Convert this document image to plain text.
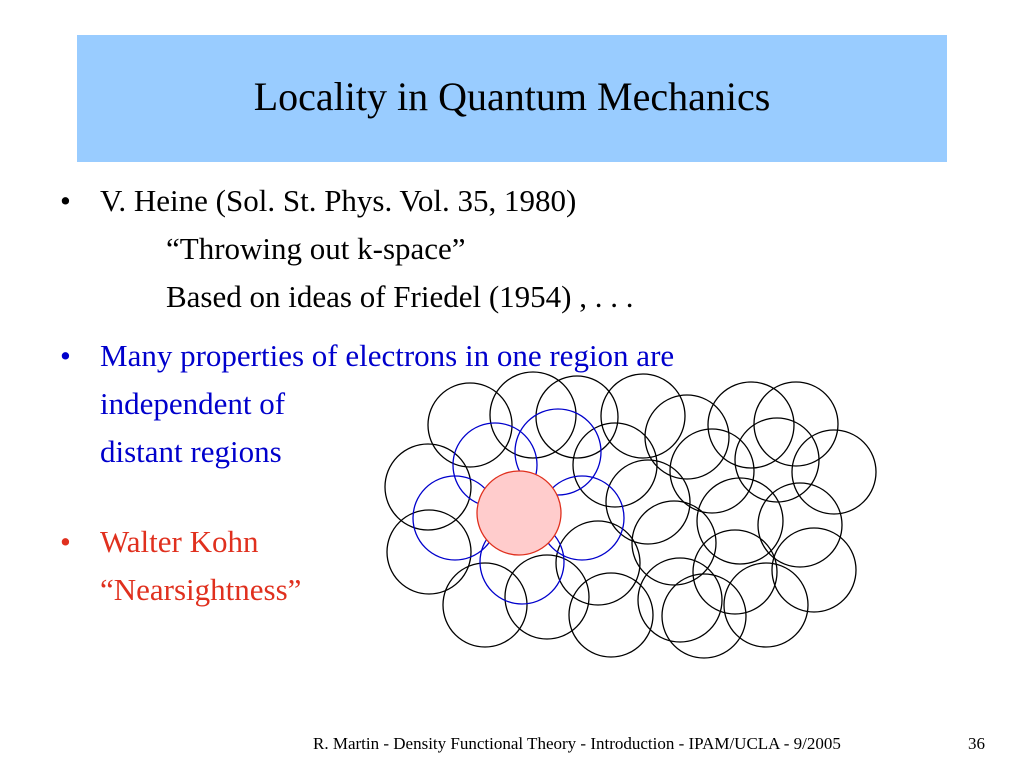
Locality in Quantum Mechanics
• V. Heine (Sol. St. Phys. Vol. 35, 1980)
“Throwing out k-space”
Based on ideas of Friedel (1954) , . . .
• Many properties of electrons in one region are
independent of
distant regions
• Walter Kohn
“Nearsightness”
R. Martin - Density Functional Theory - Introduction - IPAM/UCLA - 9/2005	36
